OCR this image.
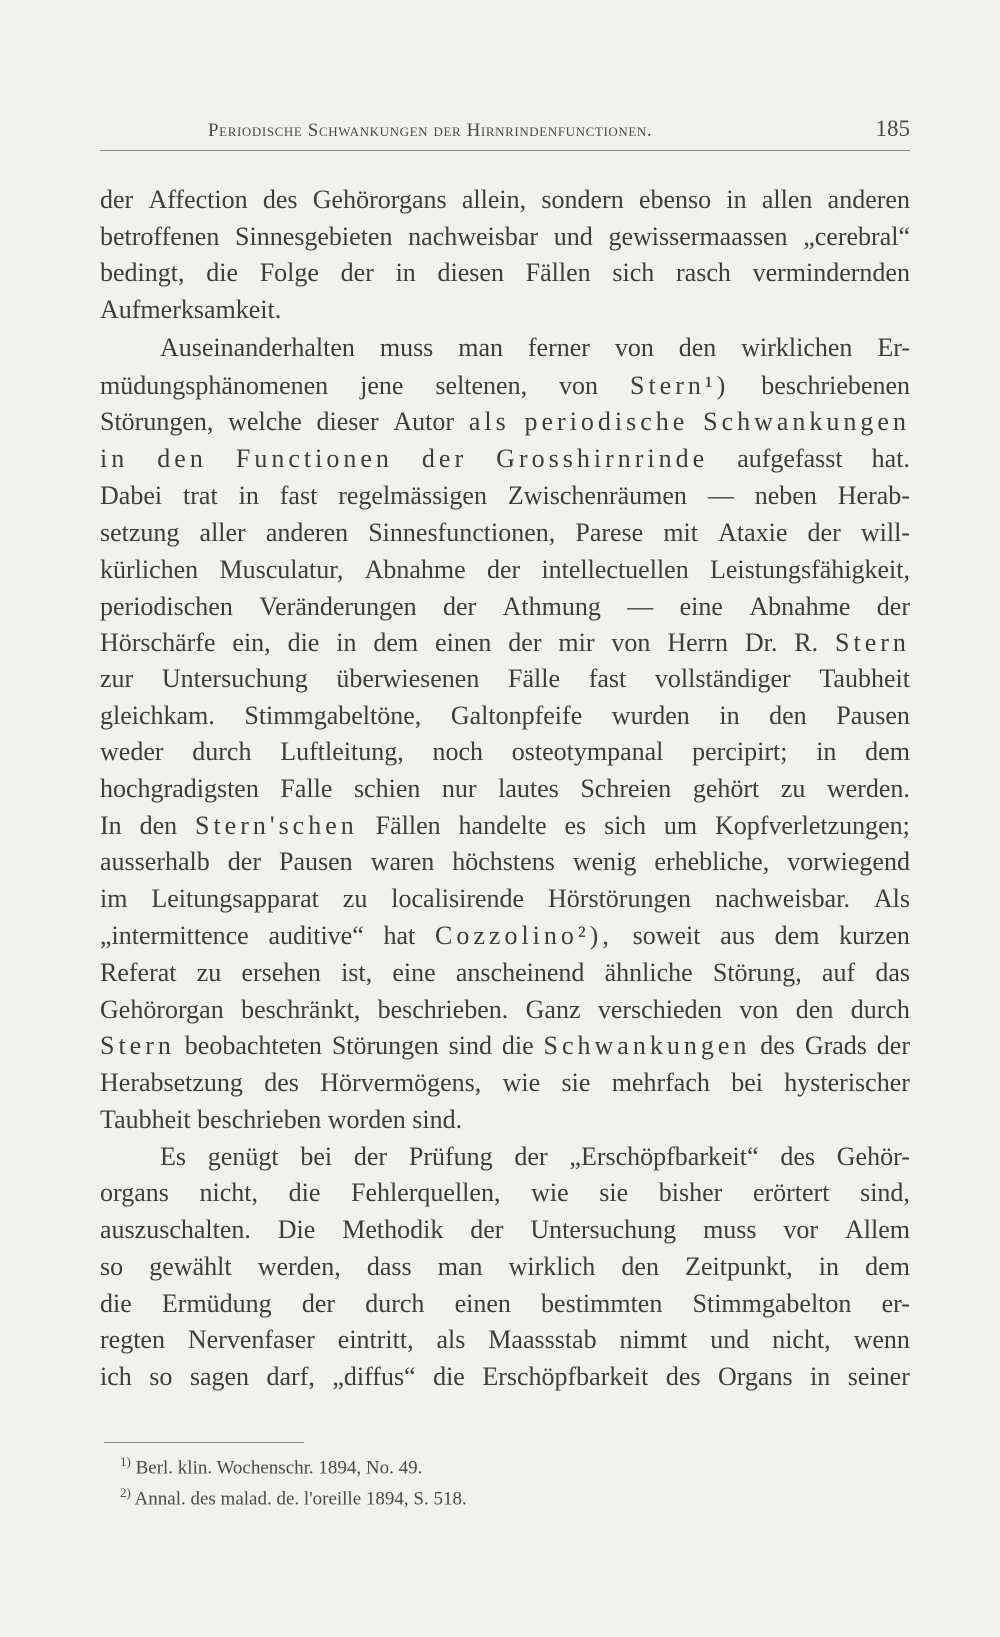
Periodische Schwankungen der Hirnrindenfunctionen.	185
der Affection des Gehörorgans allein, sondern ebenso in allen anderen
betroffenen Sinnesgebieten nachweisbar und gewissermaassen „cerebral“
bedingt, die Folge der in diesen Fällen sich rasch vermindernden
Aufmerksamkeit.
Auseinanderhalten muss man ferner von den wirklichen Er-
müdungsphänomenen jene seltenen, von Stern¹) beschriebenen
Störungen, welche dieser Autor als periodische Schwankungen
in den Functionen der Grosshirnrinde aufgefasst hat.
Dabei trat in fast regelmässigen Zwischenräumen — neben Herab-
setzung aller anderen Sinnesfunctionen, Parese mit Ataxie der will-
kürlichen Musculatur, Abnahme der intellectuellen Leistungsfähigkeit,
periodischen Veränderungen der Athmung — eine Abnahme der
Hörschärfe ein, die in dem einen der mir von Herrn Dr. R. Stern
zur Untersuchung überwiesenen Fälle fast vollständiger Taubheit
gleichkam. Stimmgabeltöne, Galtonpfeife wurden in den Pausen
weder durch Luftleitung, noch osteotympanal percipirt; in dem
hochgradigsten Falle schien nur lautes Schreien gehört zu werden.
In den Stern'schen Fällen handelte es sich um Kopfverletzungen;
ausserhalb der Pausen waren höchstens wenig erhebliche, vorwiegend
im Leitungsapparat zu localisirende Hörstörungen nachweisbar. Als
„intermittence auditive“ hat Cozzolino²), soweit aus dem kurzen
Referat zu ersehen ist, eine anscheinend ähnliche Störung, auf das
Gehörorgan beschränkt, beschrieben. Ganz verschieden von den durch
Stern beobachteten Störungen sind die Schwankungen des Grads der
Herabsetzung des Hörvermögens, wie sie mehrfach bei hysterischer
Taubheit beschrieben worden sind.
Es genügt bei der Prüfung der „Erschöpfbarkeit“ des Gehör-
organs nicht, die Fehlerquellen, wie sie bisher erörtert sind,
auszuschalten. Die Methodik der Untersuchung muss vor Allem
so gewählt werden, dass man wirklich den Zeitpunkt, in dem
die Ermüdung der durch einen bestimmten Stimmgabelton er-
regten Nervenfaser eintritt, als Maassstab nimmt und nicht, wenn
ich so sagen darf, „diffus“ die Erschöpfbarkeit des Organs in seiner
$^{1)}$ Berl. klin. Wochenschr. 1894, No. 49.
$^{2)}$ Annal. des malad. de. l'oreille 1894, S. 518.
